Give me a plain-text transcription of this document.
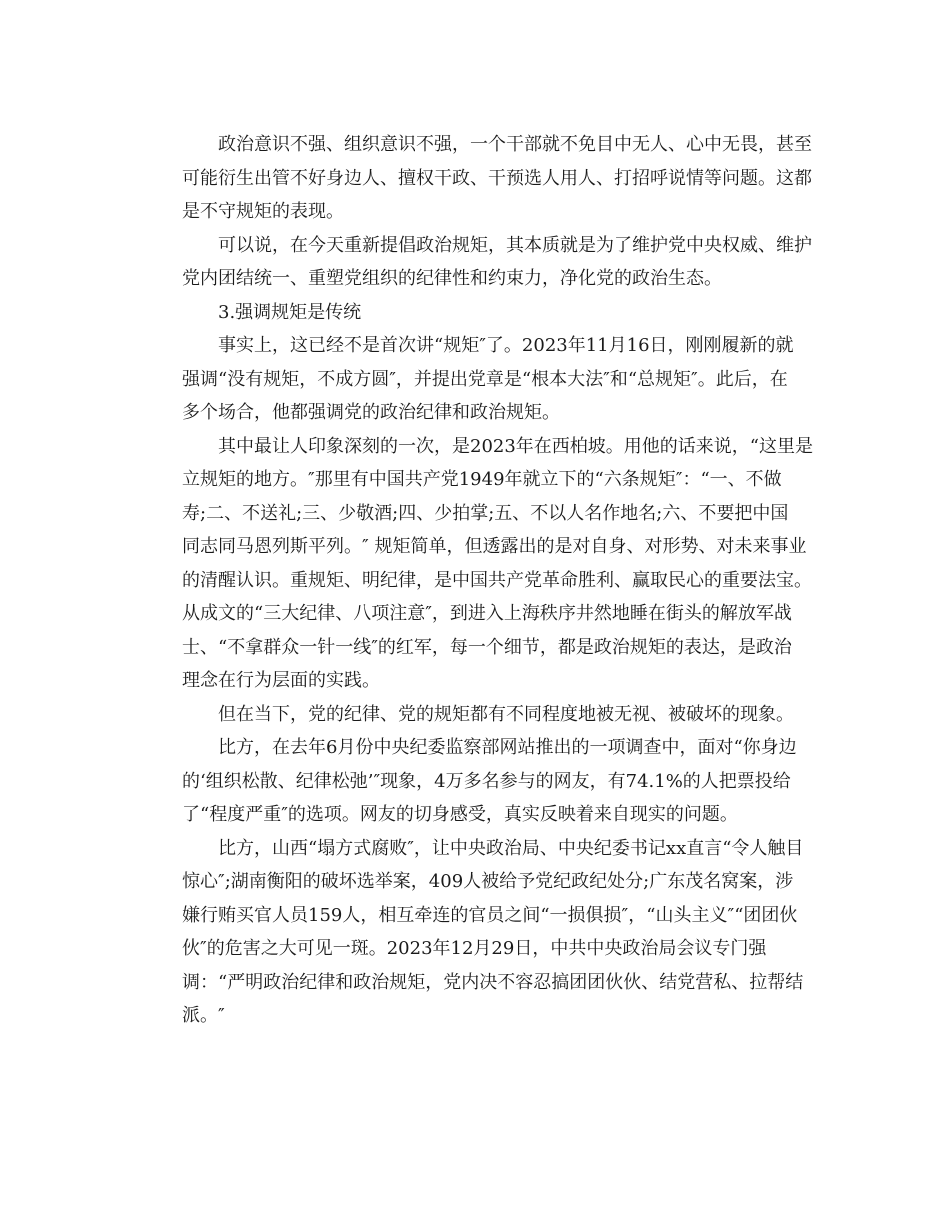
政治意识不强、组织意识不强，一个干部就不免目中无人、心中无畏，甚至
可能衍生出管不好身边人、擅权干政、干预选人用人、打招呼说情等问题。这都
是不守规矩的表现。
可以说，在今天重新提倡政治规矩，其本质就是为了维护党中央权威、维护
党内团结统一、重塑党组织的纪律性和约束力，净化党的政治生态。
3.强调规矩是传统
事实上，这已经不是首次讲“规矩″了。2023年11月16日，刚刚履新的就
强调“没有规矩，不成方圆″，并提出党章是“根本大法″和“总规矩″。此后，在
多个场合，他都强调党的政治纪律和政治规矩。
其中最让人印象深刻的一次，是2023年在西柏坡。用他的话来说，“这里是
立规矩的地方。″那里有中国共产党1949年就立下的“六条规矩″：“一、不做
寿;二、不送礼;三、少敬酒;四、少拍掌;五、不以人名作地名;六、不要把中国
同志同马恩列斯平列。″ 规矩简单，但透露出的是对自身、对形势、对未来事业
的清醒认识。重规矩、明纪律，是中国共产党革命胜利、赢取民心的重要法宝。
从成文的“三大纪律、八项注意″，到进入上海秩序井然地睡在街头的解放军战
士、“不拿群众一针一线″的红军，每一个细节，都是政治规矩的表达，是政治
理念在行为层面的实践。
但在当下，党的纪律、党的规矩都有不同程度地被无视、被破坏的现象。
比方，在去年6月份中央纪委监察部网站推出的一项调查中，面对“你身边
的‘组织松散、纪律松弛’″现象，4万多名参与的网友，有74.1%的人把票投给
了“程度严重″的选项。网友的切身感受，真实反映着来自现实的问题。
比方，山西“塌方式腐败″，让中央政治局、中央纪委书记xx直言“令人触目
惊心″;湖南衡阳的破坏选举案，409人被给予党纪政纪处分;广东茂名窝案，涉
嫌行贿买官人员159人，相互牵连的官员之间“一损俱损″，“山头主义″“团团伙
伙″的危害之大可见一斑。2023年12月29日，中共中央政治局会议专门强
调：“严明政治纪律和政治规矩，党内决不容忍搞团团伙伙、结党营私、拉帮结
派。″
